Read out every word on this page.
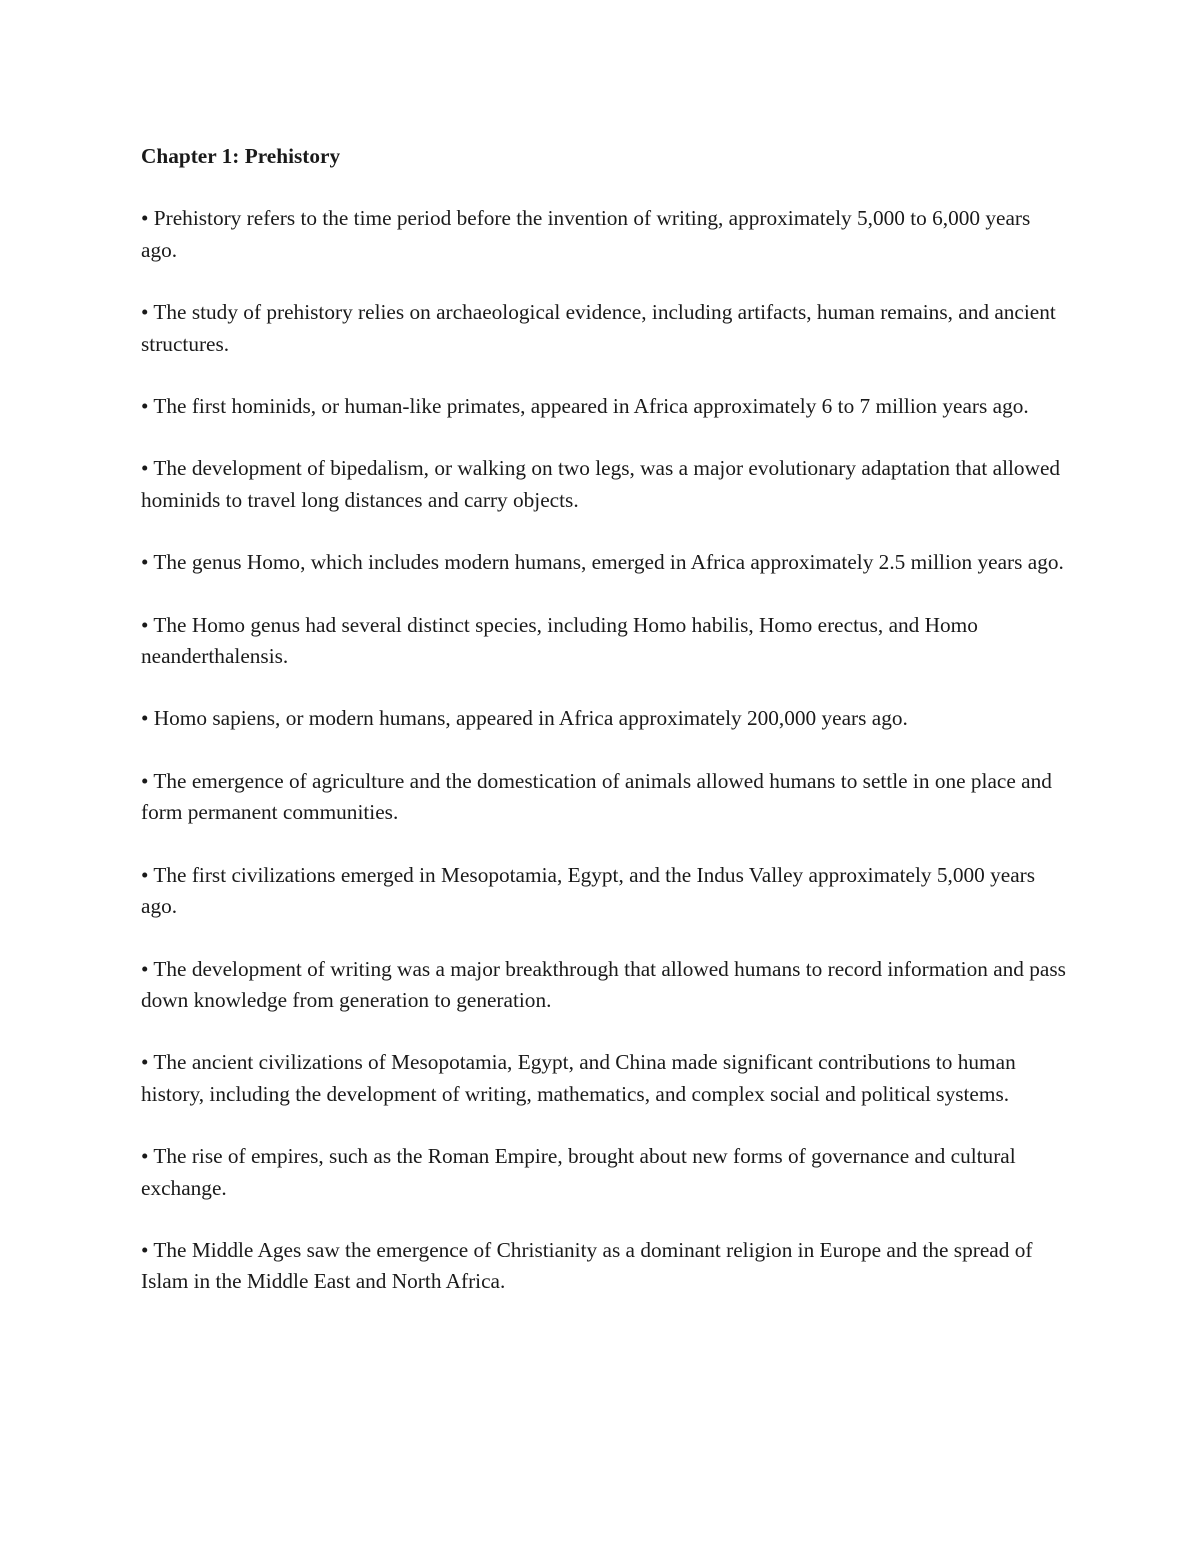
Chapter 1: Prehistory

• Prehistory refers to the time period before the invention of writing, approximately 5,000 to 6,000 years ago.

• The study of prehistory relies on archaeological evidence, including artifacts, human remains, and ancient structures.

• The first hominids, or human-like primates, appeared in Africa approximately 6 to 7 million years ago.

• The development of bipedalism, or walking on two legs, was a major evolutionary adaptation that allowed hominids to travel long distances and carry objects.

• The genus Homo, which includes modern humans, emerged in Africa approximately 2.5 million years ago.

• The Homo genus had several distinct species, including Homo habilis, Homo erectus, and Homo neanderthalensis.

• Homo sapiens, or modern humans, appeared in Africa approximately 200,000 years ago.

• The emergence of agriculture and the domestication of animals allowed humans to settle in one place and form permanent communities.

• The first civilizations emerged in Mesopotamia, Egypt, and the Indus Valley approximately 5,000 years ago.

• The development of writing was a major breakthrough that allowed humans to record information and pass down knowledge from generation to generation.

• The ancient civilizations of Mesopotamia, Egypt, and China made significant contributions to human history, including the development of writing, mathematics, and complex social and political systems.

• The rise of empires, such as the Roman Empire, brought about new forms of governance and cultural exchange.

• The Middle Ages saw the emergence of Christianity as a dominant religion in Europe and the spread of Islam in the Middle East and North Africa.
